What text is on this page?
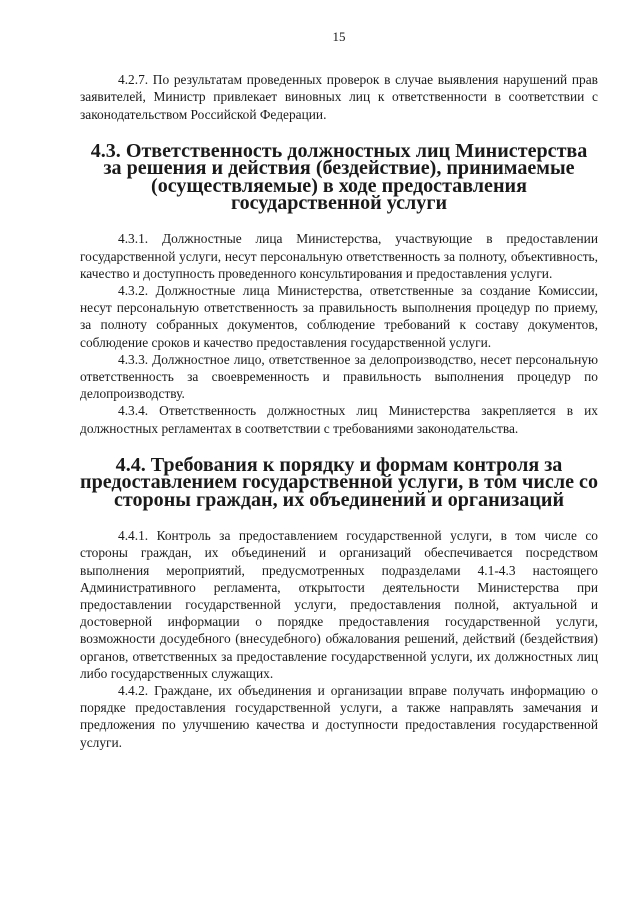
15

4.2.7. По результатам проведенных проверок в случае выявления нарушений прав заявителей, Министр привлекает виновных лиц к ответственности в соответствии с законодательством Российской Федерации.

4.3. Ответственность должностных лиц Министерства за решения и действия (бездействие), принимаемые (осуществляемые) в ходе предоставления государственной услуги

4.3.1. Должностные лица Министерства, участвующие в предоставлении государственной услуги, несут персональную ответственность за полноту, объективность, качество и доступность проведенного консультирования и предоставления услуги.

4.3.2. Должностные лица Министерства, ответственные за создание Комиссии, несут персональную ответственность за правильность выполнения процедур по приему, за полноту собранных документов, соблюдение требований к составу документов, соблюдение сроков и качество предоставления государственной услуги.

4.3.3. Должностное лицо, ответственное за делопроизводство, несет персональную ответственность за своевременность и правильность выполнения процедур по делопроизводству.

4.3.4. Ответственность должностных лиц Министерства закрепляется в их должностных регламентах в соответствии с требованиями законодательства.

4.4. Требования к порядку и формам контроля за предоставлением государственной услуги, в том числе со стороны граждан, их объединений и организаций

4.4.1. Контроль за предоставлением государственной услуги, в том числе со стороны граждан, их объединений и организаций обеспечивается посредством выполнения мероприятий, предусмотренных подразделами 4.1-4.3 настоящего Административного регламента, открытости деятельности Министерства при предоставлении государственной услуги, предоставления полной, актуальной и достоверной информации о порядке предоставления государственной услуги, возможности досудебного (внесудебного) обжалования решений, действий (бездействия) органов, ответственных за предоставление государственной услуги, их должностных лиц либо государственных служащих.

4.4.2. Граждане, их объединения и организации вправе получать информацию о порядке предоставления государственной услуги, а также направлять замечания и предложения по улучшению качества и доступности предоставления государственной услуги.
